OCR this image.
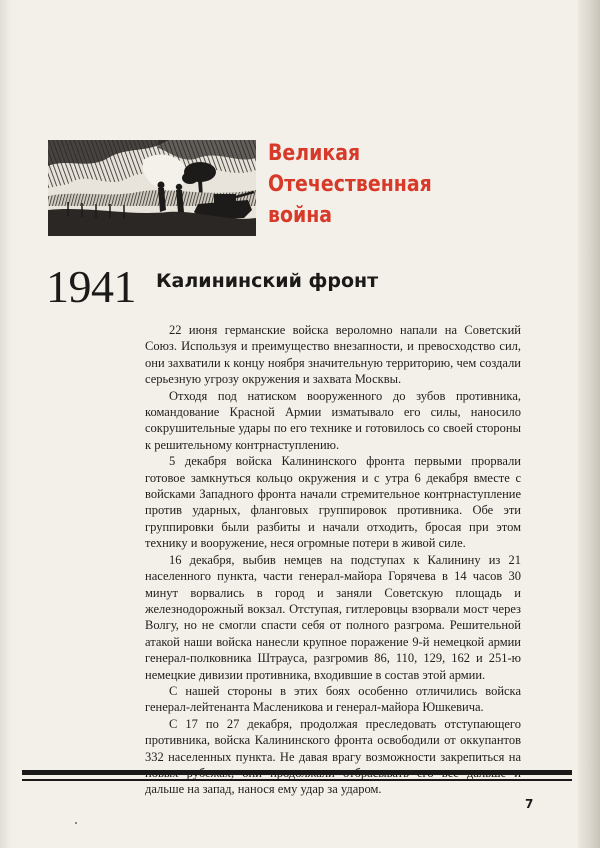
Великая
Отечественная
война
1941 Калининский фронт

22 июня германские войска вероломно напали на Советский Союз. Используя и преимущество внезапности, и превосходство сил, они захватили к концу ноября значительную территорию, чем создали серьезную угрозу окружения и захвата Москвы.

Отходя под натиском вооруженного до зубов противника, командование Красной Армии изматывало его силы, наносило сокрушительные удары по его технике и готовилось со своей стороны к решительному контрнаступлению.

5 декабря войска Калининского фронта первыми прорвали готовое замкнуться кольцо окружения и с утра 6 декабря вместе с войсками Западного фронта начали стремительное контрнаступление против ударных, фланговых группировок противника. Обе эти группировки были разбиты и начали отходить, бросая при этом технику и вооружение, неся огромные потери в живой силе.

16 декабря, выбив немцев на подступах к Калинину из 21 населенного пункта, части генерал-майора Горячева в 14 часов 30 минут ворвались в город и заняли Советскую площадь и железнодорожный вокзал. Отступая, гитлеровцы взорвали мост через Волгу, но не смогли спасти себя от полного разгрома. Решительной атакой наши войска нанесли крупное поражение 9-й немецкой армии генерал-полковника Штрауса, разгромив 86, 110, 129, 162 и 251-ю немецкие дивизии противника, входившие в состав этой армии.

С нашей стороны в этих боях особенно отличились войска генерал-лейтенанта Масленикова и генерал-майора Юшкевича.

С 17 по 27 декабря, продолжая преследовать отступающего противника, войска Калининского фронта освободили от оккупантов 332 населенных пункта. Не давая врагу возможности закрепиться на дальше на запад, нанося ему удар за ударом.

7
